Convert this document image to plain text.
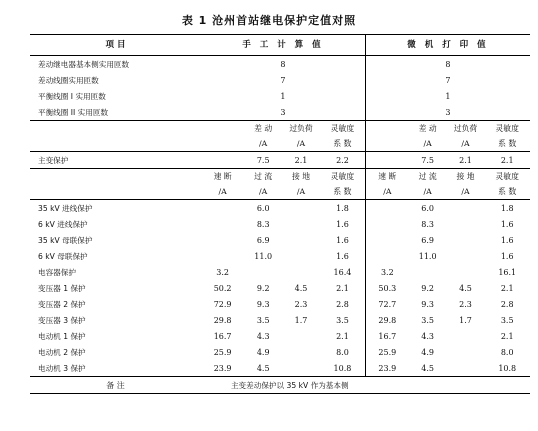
表 1 沧州首站继电保护定值对照
项 目	手 工 计 算 值				微 机 打 印 值			
差动继电器基本侧实用匝数	8				8			
差动线圈实用匝数	7				7			
平衡线圈 I 实用匝数	1				1			
平衡线圈 II 实用匝数	3				3			
		差 动	过负荷	灵敏度		差 动	过负荷	灵敏度
		/A	/A	系 数		/A	/A	系 数
主变保护		7.5	2.1	2.2		7.5	2.1	2.1
	速 断	过 流	接 地	灵敏度	速 断	过 流	接 地	灵敏度
	/A	/A	/A	系 数	/A	/A	/A	系 数
35 kV 进线保护		6.0		1.8		6.0		1.8
6 kV 进线保护		8.3		1.6		8.3		1.6
35 kV 母联保护		6.9		1.6		6.9		1.6
6 kV 母联保护		11.0		1.6		11.0		1.6
电容器保护	3.2			16.4	3.2			16.1
变压器 1 保护	50.2	9.2	4.5	2.1	50.3	9.2	4.5	2.1
变压器 2 保护	72.9	9.3	2.3	2.8	72.7	9.3	2.3	2.8
变压器 3 保护	29.8	3.5	1.7	3.5	29.8	3.5	1.7	3.5
电动机 1 保护	16.7	4.3		2.1	16.7	4.3		2.1
电动机 2 保护	25.9	4.9		8.0	25.9	4.9		8.0
电动机 3 保护	23.9	4.5		10.8	23.9	4.5		10.8
备 注	主变差动保护以 35 kV 作为基本侧							
